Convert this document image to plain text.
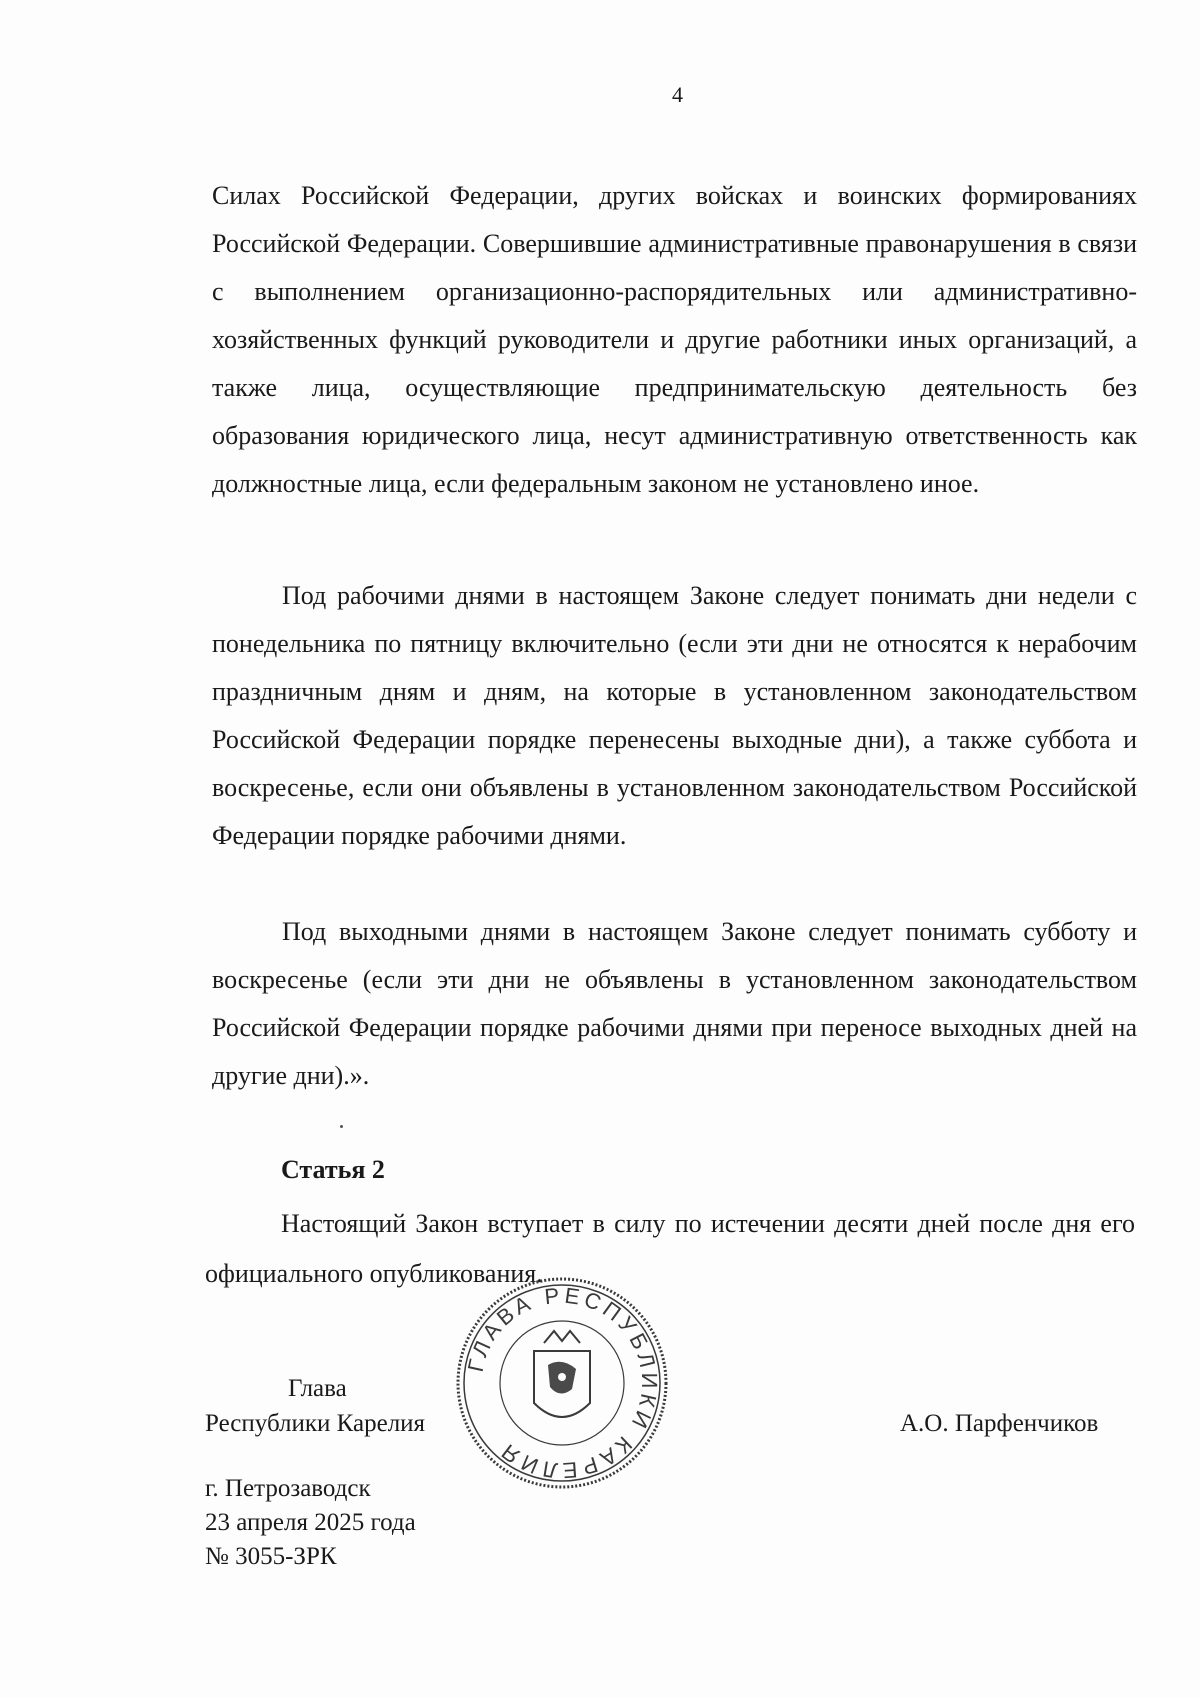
4

Силах Российской Федерации, других войсках и воинских формированиях Российской Федерации. Совершившие административные правонарушения в связи с выполнением организационно-распорядительных или административно-хозяйственных функций руководители и другие работники иных организаций, а также лица, осуществляющие предпринимательскую деятельность без образования юридического лица, несут административную ответственность как должностные лица, если федеральным законом не установлено иное.

Под рабочими днями в настоящем Законе следует понимать дни недели с понедельника по пятницу включительно (если эти дни не относятся к нерабочим праздничным дням и дням, на которые в установленном законодательством Российской Федерации порядке перенесены выходные дни), а также суббота и воскресенье, если они объявлены в установленном законодательством Российской Федерации порядке рабочими днями.

Под выходными днями в настоящем Законе следует понимать субботу и воскресенье (если эти дни не объявлены в установленном законодательством Российской Федерации порядке рабочими днями при переносе выходных дней на другие дни).».

Статья 2

Настоящий Закон вступает в силу по истечении десяти дней после дня его официального опубликования.

ГЛАВА РЕСПУБЛИКИ КАРЕЛИЯ
Глава
Республики Карелия	А.О. Парфенчиков
г. Петрозаводск
23 апреля 2025 года
№ 3055-ЗРК
